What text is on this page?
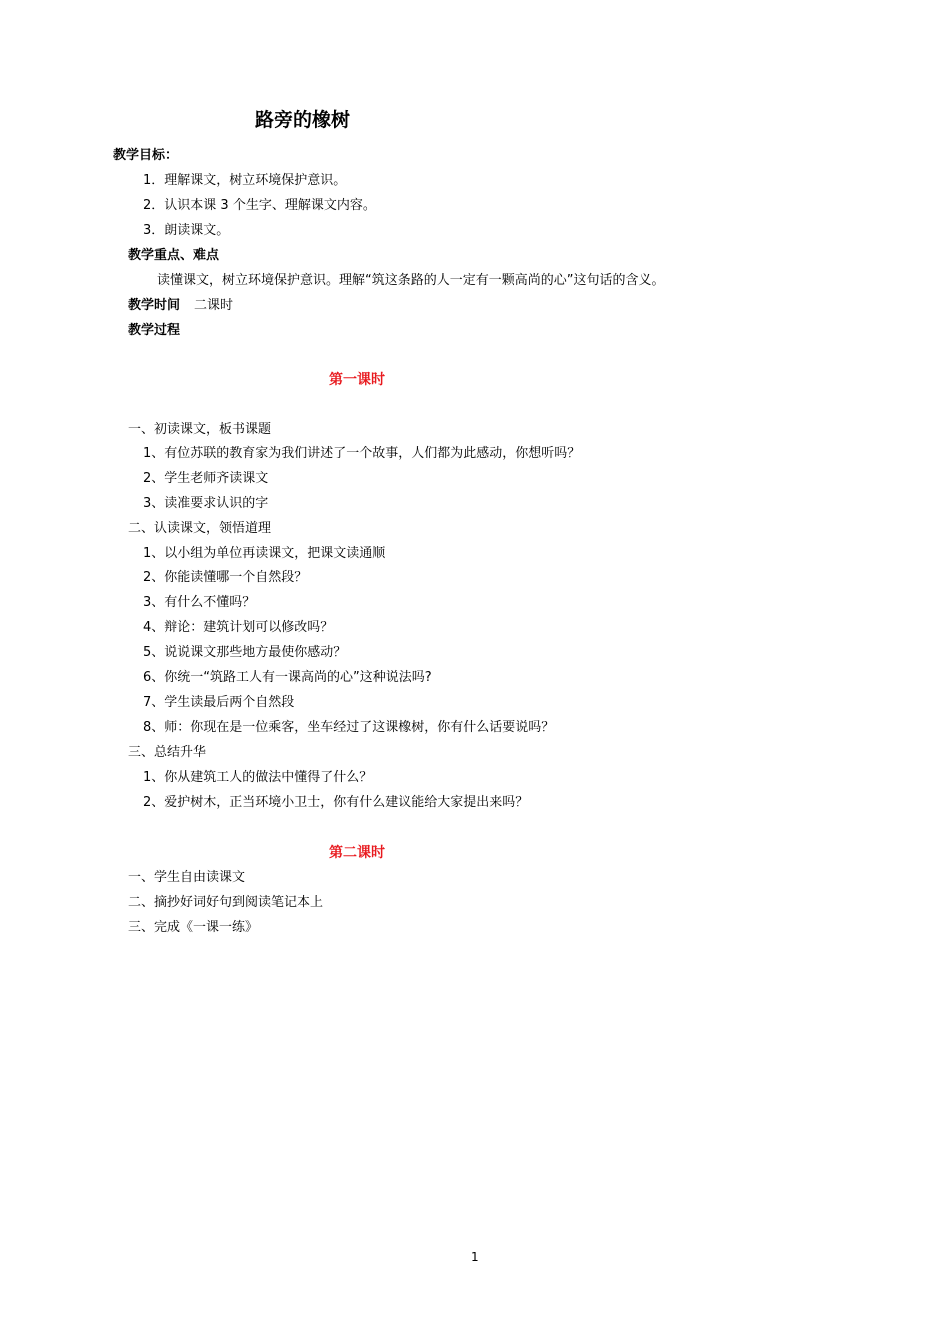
路旁的橡树
教学目标：
1．理解课文，树立环境保护意识。
2．认识本课 3 个生字、理解课文内容。
3．朗读课文。
教学重点、难点
读懂课文，树立环境保护意识。理解“筑这条路的人一定有一颗高尚的心”这句话的含义。
教学时间 二课时
教学过程
第一课时
一、初读课文，板书课题
1、有位苏联的教育家为我们讲述了一个故事，人们都为此感动，你想听吗？
2、学生老师齐读课文
3、读准要求认识的字
二、认读课文，领悟道理
1、以小组为单位再读课文，把课文读通顺
2、你能读懂哪一个自然段？
3、有什么不懂吗？
4、辩论：建筑计划可以修改吗？
5、说说课文那些地方最使你感动？
6、你统一“筑路工人有一课高尚的心”这种说法吗?
7、学生读最后两个自然段
8、师：你现在是一位乘客，坐车经过了这课橡树，你有什么话要说吗？
三、总结升华
1、你从建筑工人的做法中懂得了什么？
2、爱护树木，正当环境小卫士，你有什么建议能给大家提出来吗？
第二课时
一、学生自由读课文
二、摘抄好词好句到阅读笔记本上
三、完成《一课一练》
1
